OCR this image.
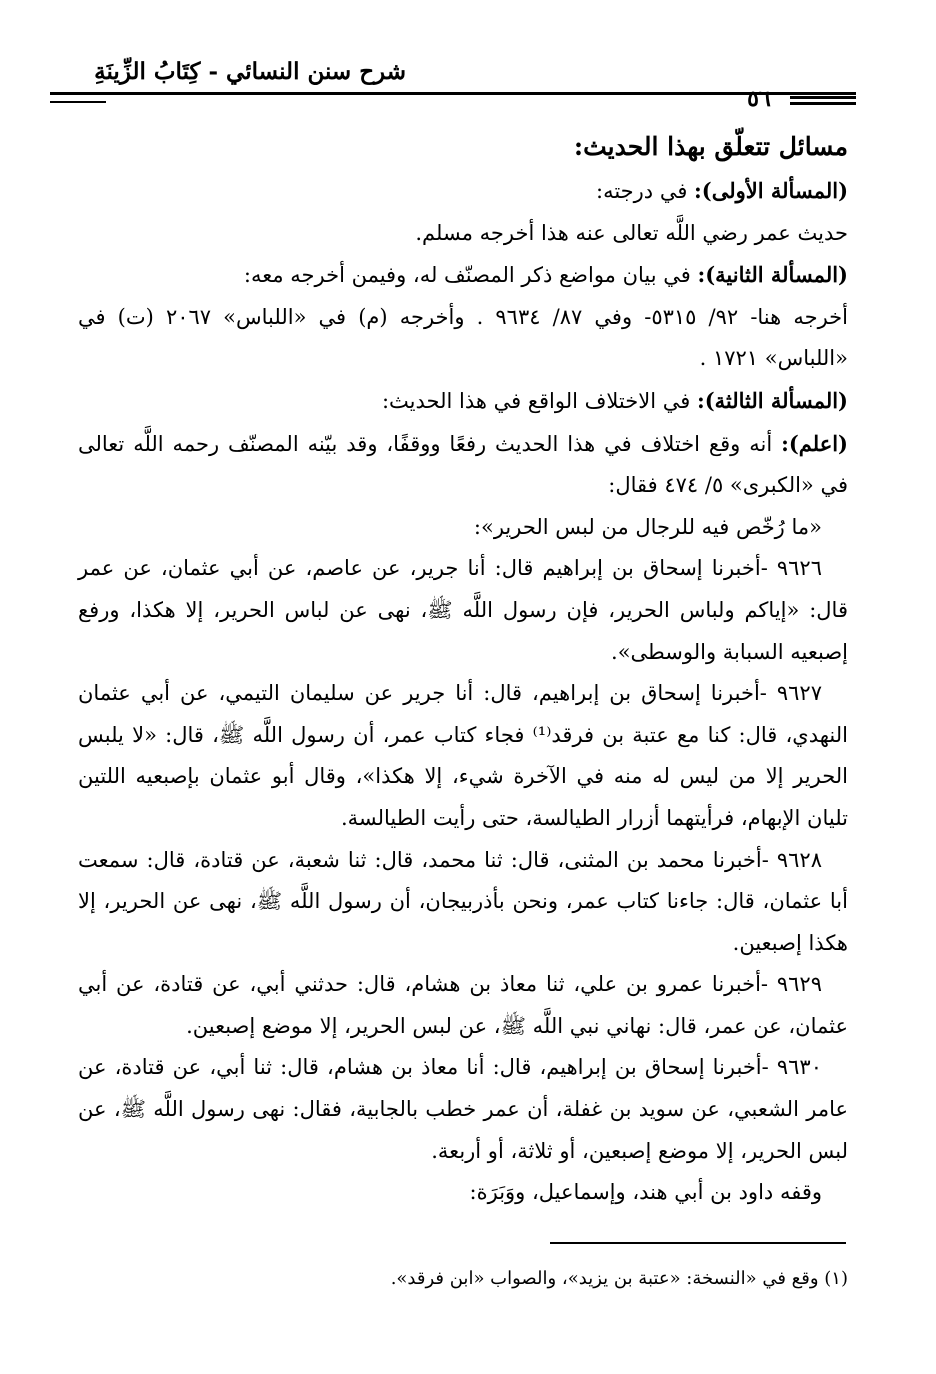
شرح سنن النسائي - كِتَابُ الزِّينَةِ
٥٦

مسائل تتعلّق بهذا الحديث:

(المسألة الأولى): في درجته:

حديث عمر رضي اللَّه تعالى عنه هذا أخرجه مسلم.

(المسألة الثانية): في بيان مواضع ذكر المصنّف له، وفيمن أخرجه معه:

أخرجه هنا- ٩٢/ ٥٣١٥- وفي ٨٧/ ٩٦٣٤ . وأخرجه (م) في «اللباس» ٢٠٦٧ (ت) في «اللباس» ١٧٢١ .

(المسألة الثالثة): في الاختلاف الواقع في هذا الحديث:

(اعلم): أنه وقع اختلاف في هذا الحديث رفعًا ووقفًا، وقد بيّنه المصنّف رحمه اللَّه تعالى في «الكبرى» ٥/ ٤٧٤ فقال:

«ما رُخّص فيه للرجال من لبس الحرير»:

٩٦٢٦ -أخبرنا إسحاق بن إبراهيم قال: أنا جرير، عن عاصم، عن أبي عثمان، عن عمر قال: «إياكم ولباس الحرير، فإن رسول اللَّه ﷺ، نهى عن لباس الحرير، إلا هكذا، ورفع إصبعيه السبابة والوسطى».

٩٦٢٧ -أخبرنا إسحاق بن إبراهيم، قال: أنا جرير عن سليمان التيمي، عن أبي عثمان النهدي، قال: كنا مع عتبة بن فرقد⁽¹⁾ فجاء كتاب عمر، أن رسول اللَّه ﷺ، قال: «لا يلبس الحرير إلا من ليس له منه في الآخرة شيء، إلا هكذا»، وقال أبو عثمان بإصبعيه اللتين تليان الإبهام، فرأيتهما أزرار الطيالسة، حتى رأيت الطيالسة.

٩٦٢٨ -أخبرنا محمد بن المثنى، قال: ثنا محمد، قال: ثنا شعبة، عن قتادة، قال: سمعت أبا عثمان، قال: جاءنا كتاب عمر، ونحن بأذربيجان، أن رسول اللَّه ﷺ، نهى عن الحرير، إلا هكذا إصبعين.

٩٦٢٩ -أخبرنا عمرو بن علي، ثنا معاذ بن هشام، قال: حدثني أبي، عن قتادة، عن أبي عثمان، عن عمر، قال: نهاني نبي اللَّه ﷺ، عن لبس الحرير، إلا موضع إصبعين.

٩٦٣٠ -أخبرنا إسحاق بن إبراهيم، قال: أنا معاذ بن هشام، قال: ثنا أبي، عن قتادة، عن عامر الشعبي، عن سويد بن غفلة، أن عمر خطب بالجابية، فقال: نهى رسول اللَّه ﷺ، عن لبس الحرير، إلا موضع إصبعين، أو ثلاثة، أو أربعة.

وقفه داود بن أبي هند، وإسماعيل، ووَبَرَة:

(١) وقع في «النسخة: «عتبة بن يزيد»، والصواب «ابن فرقد».
